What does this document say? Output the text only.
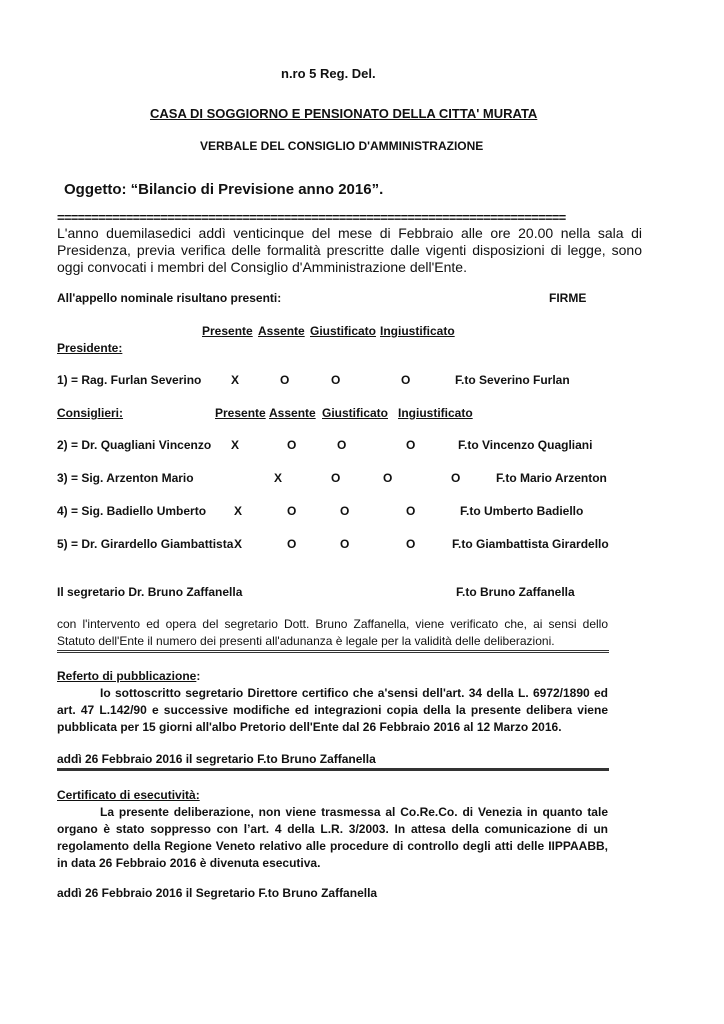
n.ro 5 Reg. Del.
CASA DI SOGGIORNO E PENSIONATO DELLA CITTA' MURATA
VERBALE DEL CONSIGLIO D'AMMINISTRAZIONE
Oggetto: “Bilancio di Previsione anno 2016”.
==========================================================================
L'anno duemilasedici addì venticinque del mese di Febbraio alle ore 20.00 nella sala di Presidenza, previa verifica delle formalità prescritte dalle vigenti disposizioni di legge, sono oggi convocati i membri del Consiglio d'Amministrazione dell'Ente.
All'appello nominale risultano presenti:	FIRME
Presente Assente Giustificato Ingiustificato
Presidente:
1) = Rag. Furlan Severino X	O	O	O	F.to Severino Furlan
Consiglieri:	Presente Assente Giustificato Ingiustificato
2) = Dr. Quagliani Vincenzo X	O	O	O	F.to Vincenzo Quagliani
3) = Sig. Arzenton Mario	X	O	O	O	F.to Mario Arzenton
4) = Sig. Badiello Umberto X	O	O	O	F.to Umberto Badiello
5) = Dr. Girardello Giambattista X	O	O	O	F.to Giambattista Girardello
Il segretario Dr. Bruno Zaffanella	F.to Bruno Zaffanella
con l'intervento ed opera del segretario Dott. Bruno Zaffanella, viene verificato che, ai sensi dello Statuto dell'Ente il numero dei presenti all'adunanza è legale per la validità delle deliberazioni.
Referto di pubblicazione:
Io sottoscritto segretario Direttore certifico che a'sensi dell'art. 34 della L. 6972/1890 ed art. 47 L.142/90 e successive modifiche ed integrazioni copia della la presente delibera viene pubblicata per 15 giorni all'albo Pretorio dell'Ente dal 26 Febbraio 2016 al 12 Marzo 2016.
addì 26 Febbraio 2016 il segretario F.to Bruno Zaffanella
Certificato di esecutività:
La presente deliberazione, non viene trasmessa al Co.Re.Co. di Venezia in quanto tale organo è stato soppresso con l’art. 4 della L.R. 3/2003. In attesa della comunicazione di un regolamento della Regione Veneto relativo alle procedure di controllo degli atti delle IIPPAABB, in data 26 Febbraio 2016 è divenuta esecutiva.
addì 26 Febbraio 2016 il Segretario F.to Bruno Zaffanella
